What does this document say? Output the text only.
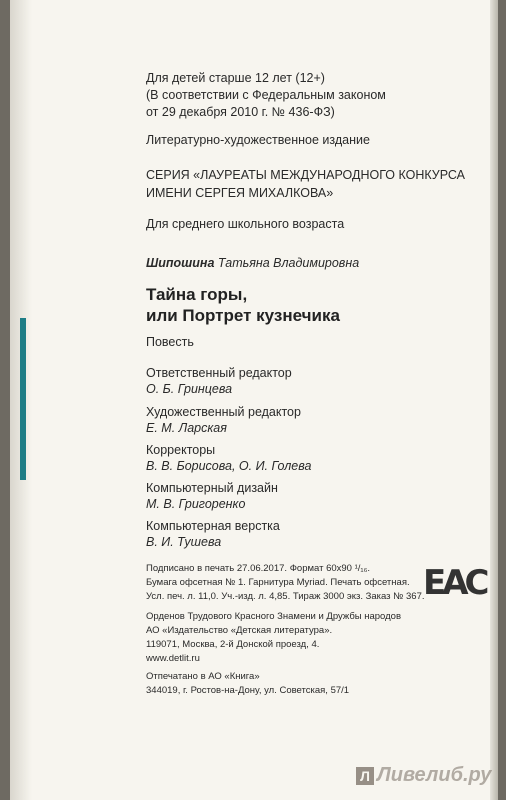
Для детей старше 12 лет (12+)
(В соответствии с Федеральным законом
от 29 декабря 2010 г. № 436-ФЗ)
Литературно-художественное издание
СЕРИЯ «ЛАУРЕАТЫ МЕЖДУНАРОДНОГО КОНКУРСА
ИМЕНИ СЕРГЕЯ МИХАЛКОВА»
Для среднего школьного возраста
Шипошина Татьяна Владимировна
Тайна горы,
или Портрет кузнечика
Повесть
Ответственный редактор
О. Б. Гринцева
Художественный редактор
Е. М. Ларская
Корректоры
В. В. Борисова, О. И. Голева
Компьютерный дизайн
М. В. Григоренко
Компьютерная верстка
В. И. Тушева
Подписано в печать 27.06.2017. Формат 60x90 ¹/₁₆.
Бумага офсетная № 1. Гарнитура Myriad. Печать офсетная.
Усл. печ. л. 11,0. Уч.-изд. л. 4,85. Тираж 3000 экз. Заказ № 367.
ЕАС
Орденов Трудового Красного Знамени и Дружбы народов
АО «Издательство «Детская литература».
119071, Москва, 2-й Донской проезд, 4.
www.detlit.ru
Отпечатано в АО «Книга»
344019, г. Ростов-на-Дону, ул. Советская, 57/1
Л Ливелиб.ру
